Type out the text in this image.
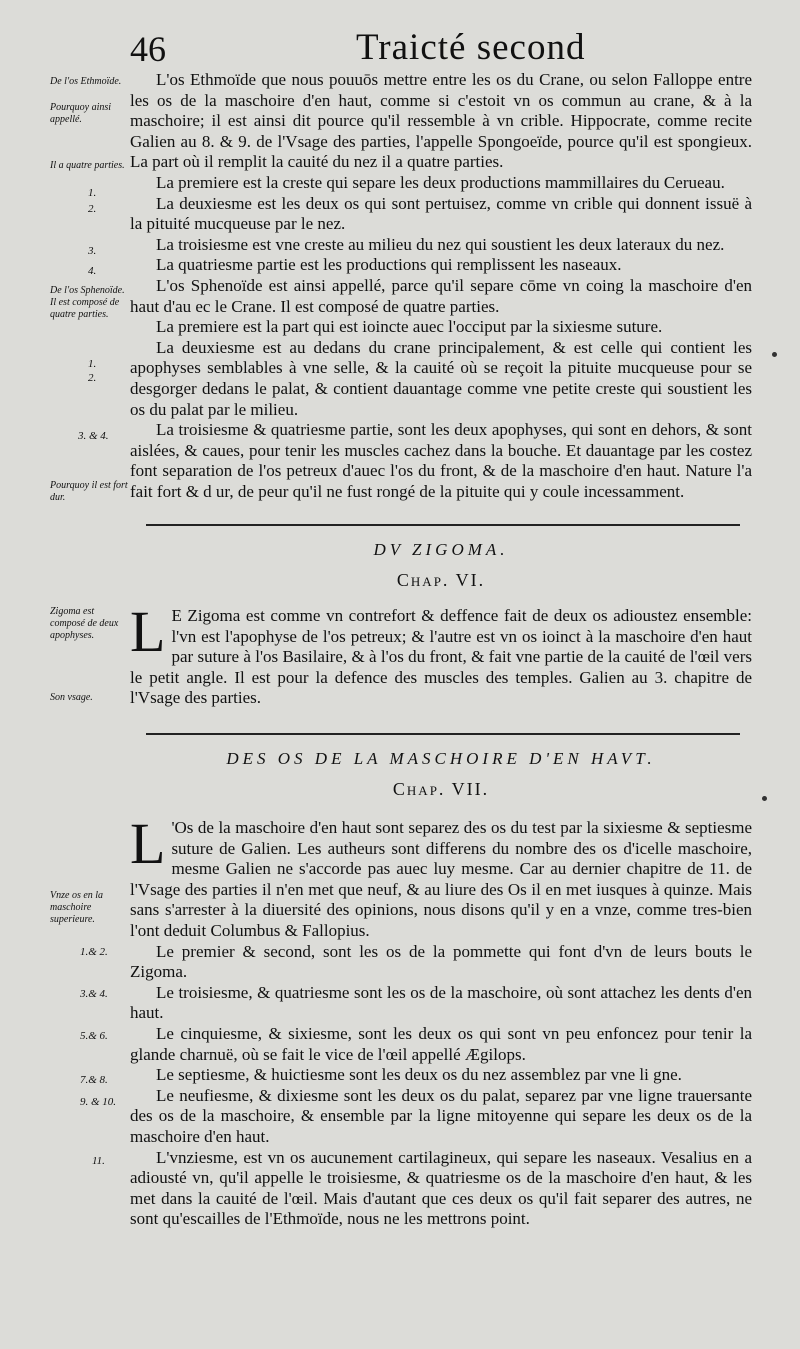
46	Traicté second
De l'os Ethmoïde.
Pourquoy ainsi appellé.
Il a quatre parties.
De l'os Sphenoïde. Il est composé de quatre parties.
Pourquoy il est fort dur.
Zigoma est composé de deux apophyses.
Son vsage.
Vnze os en la maschoire superieure.
1.
2.
3.
4.
1.
2.
3. & 4.
1.& 2.
3.& 4.
5.& 6.
7.& 8.
9. & 10.
11.

L'os Ethmoïde que nous pouuōs mettre entre les os du Crane, ou selon Falloppe entre les os de la maschoire d'en haut, comme si c'estoit vn os commun au crane, & à la maschoire; il est ainsi dit pource qu'il ressemble à vn crible. Hippocrate, comme recite Galien au 8. & 9. de l'Vsage des parties, l'appelle Spongoeïde, pource qu'il est spongieux. La part où il remplit la cauité du nez il a quatre parties.

La premiere est la creste qui separe les deux productions mammillaires du Cerueau.

La deuxiesme est les deux os qui sont pertuisez, comme vn crible qui donnent issuë à la pituité mucqueuse par le nez.

La troisiesme est vne creste au milieu du nez qui soustient les deux lateraux du nez.

La quatriesme partie est les productions qui remplissent les naseaux.

L'os Sphenoïde est ainsi appellé, parce qu'il separe cōme vn coing la maschoire d'en haut d'au ec le Crane. Il est composé de quatre parties.

La premiere est la part qui est ioincte auec l'occiput par la sixiesme suture.

La deuxiesme est au dedans du crane principalement, & est celle qui contient les apophyses semblables à vne selle, & la cauité où se reçoit la pituite mucqueuse pour se desgorger dedans le palat, & contient dauantage comme vne petite creste qui soustient les os du palat par le milieu.

La troisiesme & quatriesme partie, sont les deux apophyses, qui sont en dehors, & sont aislées, & caues, pour tenir les muscles cachez dans la bouche. Et dauantage par les costez font separation de l'os petreux d'auec l'os du front, & de la maschoire d'en haut. Nature l'a fait fort & d ur, de peur qu'il ne fust rongé de la pituite qui y coule incessamment.

DV ZIGOMA.
Chap. VI.
L E Zigoma est comme vn contrefort & deffence fait de deux os adioustez ensemble: l'vn est l'apophyse de l'os petreux; & l'autre est vn os ioinct à la maschoire d'en haut par suture à l'os Basilaire, & à l'os du front, & fait vne partie de la cauité de l'œil vers le petit angle. Il est pour la defence des muscles des temples. Galien au 3. chapitre de l'Vsage des parties.

DES OS DE LA MASCHOIRE D'EN HAVT.
Chap. VII.
L 'Os de la maschoire d'en haut sont separez des os du test par la sixiesme & septiesme suture de Galien. Les autheurs sont differens du nombre des os d'icelle maschoire, mesme Galien ne s'accorde pas auec luy mesme. Car au dernier chapitre de 11. de l'Vsage des parties il n'en met que neuf, & au liure des Os il en met iusques à quinze. Mais sans s'arrester à la diuersité des opinions, nous disons qu'il y en a vnze, comme tres-bien l'ont deduit Columbus & Fallopius.

Le premier & second, sont les os de la pommette qui font d'vn de leurs bouts le Zigoma.

Le troisiesme, & quatriesme sont les os de la maschoire, où sont attachez les dents d'en haut.

Le cinquiesme, & sixiesme, sont les deux os qui sont vn peu enfoncez pour tenir la glande charnuë, où se fait le vice de l'œil appellé Ægilops.

Le septiesme, & huictiesme sont les deux os du nez assemblez par vne li gne.

Le neufiesme, & dixiesme sont les deux os du palat, separez par vne ligne trauersante des os de la maschoire, & ensemble par la ligne mitoyenne qui separe les deux os de la maschoire d'en haut.

L'vnziesme, est vn os aucunement cartilagineux, qui separe les naseaux. Vesalius en a adiousté vn, qu'il appelle le troisiesme, & quatriesme os de la maschoire d'en haut, & les met dans la cauité de l'œil. Mais d'autant que ces deux os qu'il fait separer des autres, ne sont qu'escailles de l'Ethmoïde, nous ne les mettrons point.
